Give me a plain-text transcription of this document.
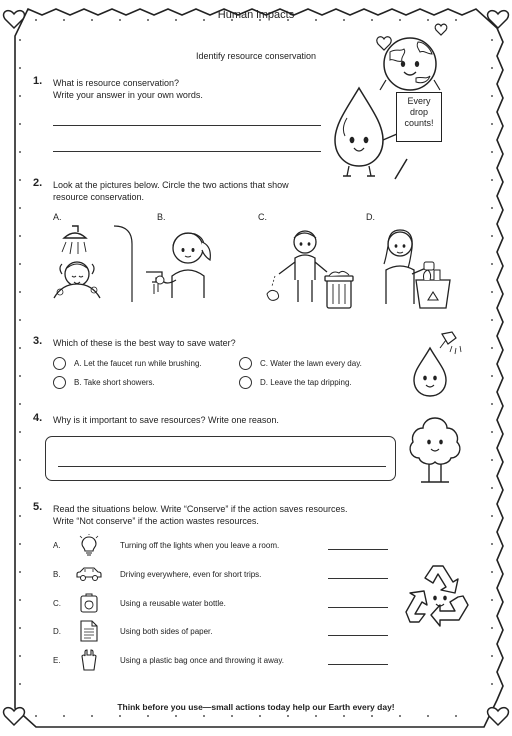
Human impacts
Identify resource conservation
1. What is resource conservation?
Write your answer in your own words.
Every
drop
counts!
2. Look at the pictures below. Circle the two actions that show
resource conservation.
A.	B.	C.	D.
3. Which of these is the best way to save water?
A. Let the faucet run while brushing.	C. Water the lawn every day.
B. Take short showers.	D. Leave the tap dripping.
4. Why is it important to save resources? Write one reason.
5. Read the situations below. Write “Conserve” if the action saves resources.
Write “Not conserve” if the action wastes resources.
A.	Turning off the lights when you leave a room.
B.	Driving everywhere, even for short trips.
C.	Using a reusable water bottle.
D.	Using both sides of paper.
E.	Using a plastic bag once and throwing it away.
Think before you use—small actions today help our Earth every day!
